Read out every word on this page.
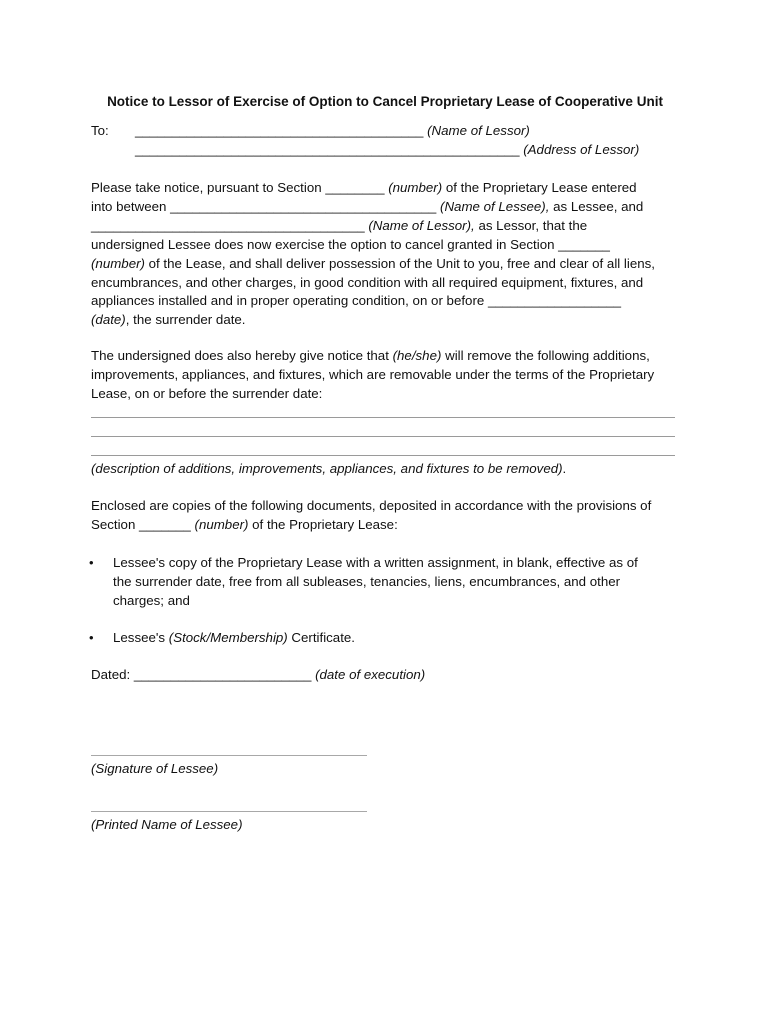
Notice to Lessor of Exercise of Option to Cancel Proprietary Lease of Cooperative Unit
To: _______________________________________ (Name of Lessor)
____________________________________________________ (Address of Lessor)
Please take notice, pursuant to Section ________ (number) of the Proprietary Lease entered
into between ____________________________________ (Name of Lessee), as Lessee, and
_____________________________________ (Name of Lessor), as Lessor, that the
undersigned Lessee does now exercise the option to cancel granted in Section _______
(number) of the Lease, and shall deliver possession of the Unit to you, free and clear of all liens,
encumbrances, and other charges, in good condition with all required equipment, fixtures, and
appliances installed and in proper operating condition, on or before __________________
(date), the surrender date.
The undersigned does also hereby give notice that (he/she) will remove the following additions,
improvements, appliances, and fixtures, which are removable under the terms of the Proprietary
Lease, on or before the surrender date:
(description of additions, improvements, appliances, and fixtures to be removed).
Enclosed are copies of the following documents, deposited in accordance with the provisions of
Section _______ (number) of the Proprietary Lease:
• Lessee's copy of the Proprietary Lease with a written assignment, in blank, effective as of
the surrender date, free from all subleases, tenancies, liens, encumbrances, and other
charges; and
• Lessee's (Stock/Membership) Certificate.
Dated: ________________________ (date of execution)
(Signature of Lessee)
(Printed Name of Lessee)
